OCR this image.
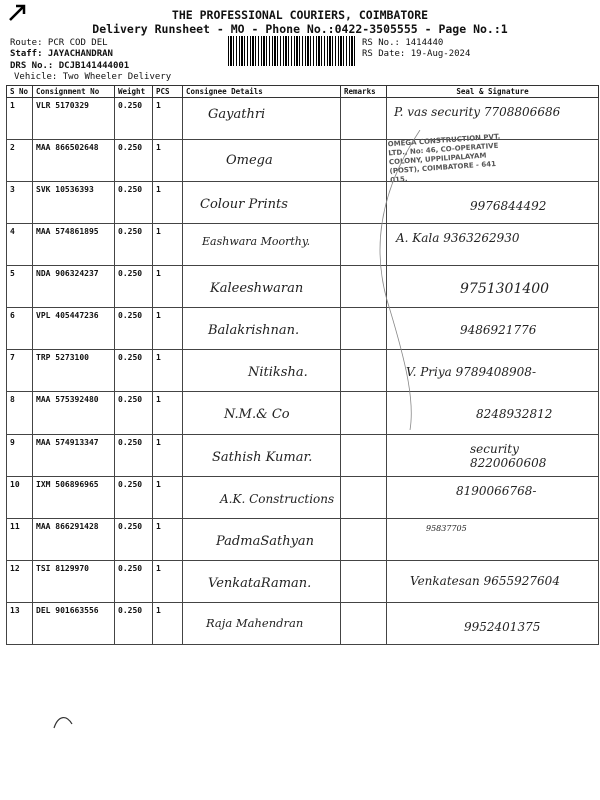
THE PROFESSIONAL COURIERS, COIMBATORE
Delivery Runsheet - MO - Phone No.:0422-3505555 - Page No.:1
Route: PCR COD DEL
Staff: JAYACHANDRAN
DRS No.: DCJB141444001
Vehicle: Two Wheeler Delivery
RS No.: 1414440
RS Date: 19-Aug-2024
S No	Consignment No	Weight	PCS	Consignee Details	Remarks	Seal & Signature
1	VLR 5170329	0.250	1	Gayathri		P. vas security 7708806686

2	MAA 866502648	0.250	1	Omega		OMEGA CONSTRUCTION PVT. LTD., No: 46, CO-OPERATIVE COLONY, UPPILIPALAYAM (POST), COIMBATORE - 641 015.

3	SVK 10536393	0.250	1	Colour Prints		9976844492

4	MAA 574861895	0.250	1	Eashwara Moorthy.		A. Kala 9363262930

5	NDA 906324237	0.250	1	Kaleeshwaran		9751301400

6	VPL 405447236	0.250	1	Balakrishnan.		9486921776

7	TRP 5273100	0.250	1	Nitiksha.		V. Priya 9789408908-

8	MAA 575392480	0.250	1	N.M.& Co		8248932812

9	MAA 574913347	0.250	1	Sathish Kumar.		security 8220060608

10	IXM 506896965	0.250	1	A.K. Constructions		8190066768-

11	MAA 866291428	0.250	1	PadmaSathyan		95837705

12	TSI 8129970	0.250	1	VenkataRaman.		Venkatesan 9655927604

13	DEL 901663556	0.250	1	Raja Mahendran		9952401375
